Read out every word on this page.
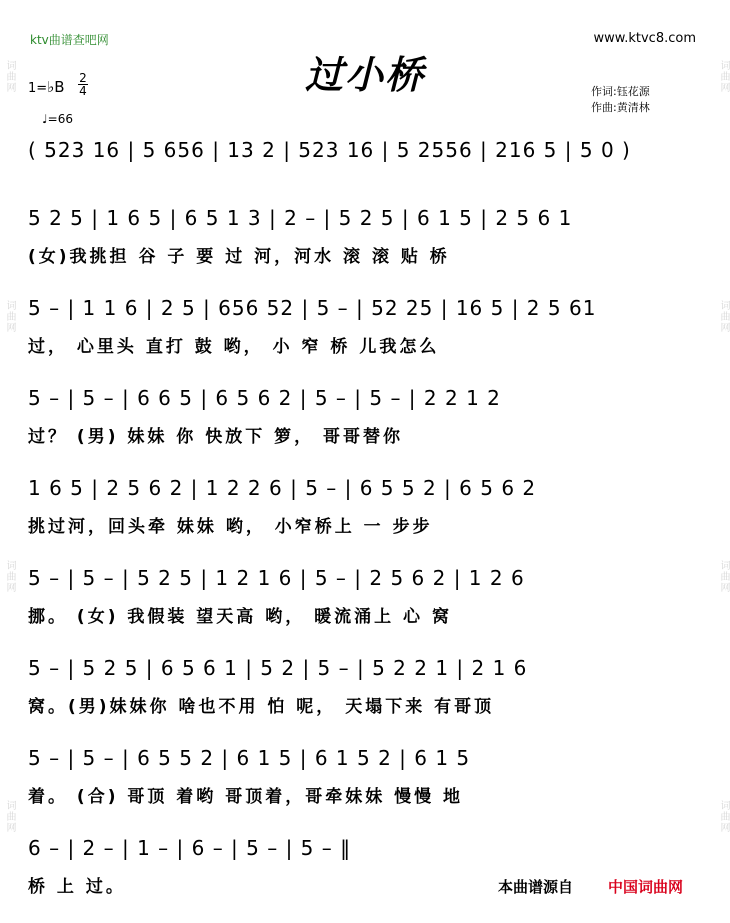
ktv曲谱查吧网	www.ktvc8.com
过小桥
1=♭B 2
4
♩=66
作词:钰花源
作曲:黄清林
词曲网
词曲网
词曲网
词曲网
词曲网
词曲网
词曲网
词曲网
( 523 16 | 5 656 | 13 2 | 523 16 | 5 2556 | 216 5 | 5 0 )
5 2 5 | 1 6 5 | 6 5 1 3 | 2 – | 5 2 5 | 6 1 5 | 2 5 6 1
(女)我挑担 谷 子 要 过 河，河水 滚 滚 贴 桥
5 – | 1 1 6 | 2 5 | 656 52 | 5 – | 52 25 | 16 5 | 2 5 61
过， 心里头 直打 鼓 哟， 小 窄 桥 儿我怎么
5 – | 5 – | 6 6 5 | 6 5 6 2 | 5 – | 5 – | 2 2 1 2
过？ (男) 妹妹 你 快放下 箩， 哥哥替你
1 6 5 | 2 5 6 2 | 1 2 2 6 | 5 – | 6 5 5 2 | 6 5 6 2
挑过河，回头牵 妹妹 哟， 小窄桥上 一 步步
5 – | 5 – | 5 2 5 | 1 2 1 6 | 5 – | 2 5 6 2 | 1 2 6
挪。 (女) 我假装 望天高 哟， 暖流涌上 心 窝
5 – | 5 2 5 | 6 5 6 1 | 5 2 | 5 – | 5 2 2 1 | 2 1 6
窝。(男)妹妹你 啥也不用 怕 呢， 天塌下来 有哥顶
5 – | 5 – | 6 5 5 2 | 6 1 5 | 6 1 5 2 | 6 1 5
着。 (合) 哥顶 着哟 哥顶着，哥牵妹妹 慢慢 地
6 – | 2 – | 1 – | 6 – | 5 – | 5 – ‖
桥 上 过。	本曲谱源自 中国词曲网
